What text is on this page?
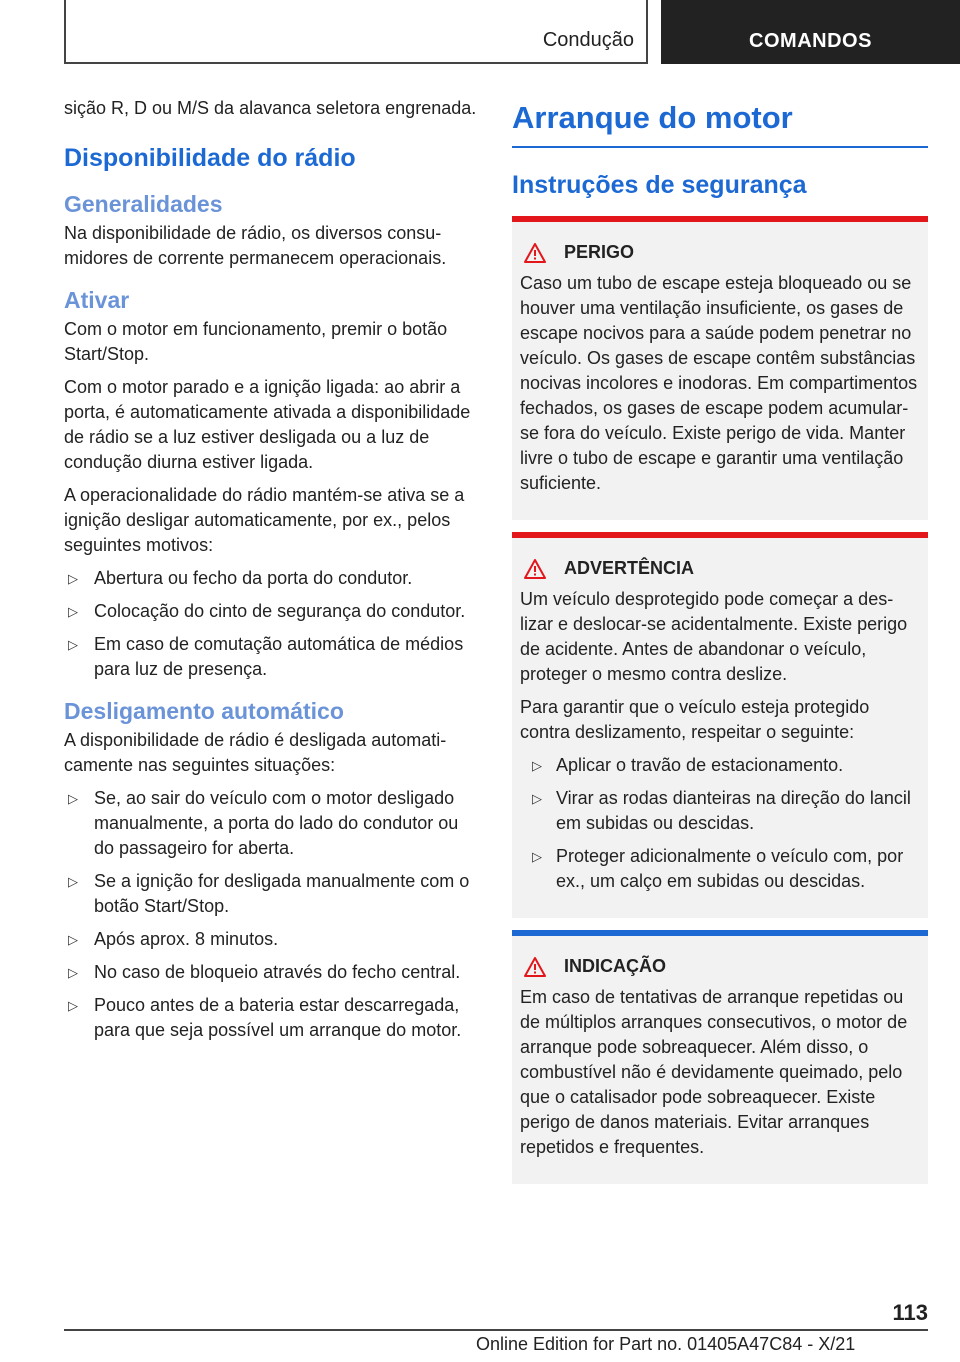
Condução	COMANDOS

sição R, D ou M/S da alavanca seletora engrenada.

Disponibilidade do rádio
Generalidades

Na disponibilidade de rádio, os diversos consumidores de corrente permanecem operacionais.

Ativar

Com o motor em funcionamento, premir o botão Start/Stop.

Com o motor parado e a ignição ligada: ao abrir a porta, é automaticamente ativada a disponibilidade de rádio se a luz estiver desligada ou a luz de condução diurna estiver ligada.

A operacionalidade do rádio mantém-se ativa se a ignição desligar automaticamente, por ex., pelos seguintes motivos:

▷ Abertura ou fecho da porta do condutor.
▷ Colocação do cinto de segurança do condutor.
▷ Em caso de comutação automática de médios para luz de presença.
Desligamento automático

A disponibilidade de rádio é desligada automaticamente nas seguintes situações:

▷ Se, ao sair do veículo com o motor desligado manualmente, a porta do lado do condutor ou do passageiro for aberta.
▷ Se a ignição for desligada manualmente com o botão Start/Stop.
▷ Após aprox. 8 minutos.
▷ No caso de bloqueio através do fecho central.
▷ Pouco antes de a bateria estar descarregada, para que seja possível um arranque do motor.
Arranque do motor
Instruções de segurança
PERIGO

Caso um tubo de escape esteja bloqueado ou se houver uma ventilação insuficiente, os gases de escape nocivos para a saúde podem penetrar no veículo. Os gases de escape contêm substâncias nocivas incolores e inodoras. Em compartimentos fechados, os gases de escape podem acumular-se fora do veículo. Existe perigo de vida. Manter livre o tubo de escape e garantir uma ventilação suficiente.

ADVERTÊNCIA

Um veículo desprotegido pode começar a deslizar e deslocar-se acidentalmente. Existe perigo de acidente. Antes de abandonar o veículo, proteger o mesmo contra deslize.

Para garantir que o veículo esteja protegido contra deslizamento, respeitar o seguinte:

▷ Aplicar o travão de estacionamento.
▷ Virar as rodas dianteiras na direção do lancil em subidas ou descidas.
▷ Proteger adicionalmente o veículo com, por ex., um calço em subidas ou descidas.
INDICAÇÃO

Em caso de tentativas de arranque repetidas ou de múltiplos arranques consecutivos, o motor de arranque pode sobreaquecer. Além disso, o combustível não é devidamente queimado, pelo que o catalisador pode sobreaquecer. Existe perigo de danos materiais. Evitar arranques repetidos e frequentes.

113
Online Edition for Part no. 01405A47C84 - X/21
